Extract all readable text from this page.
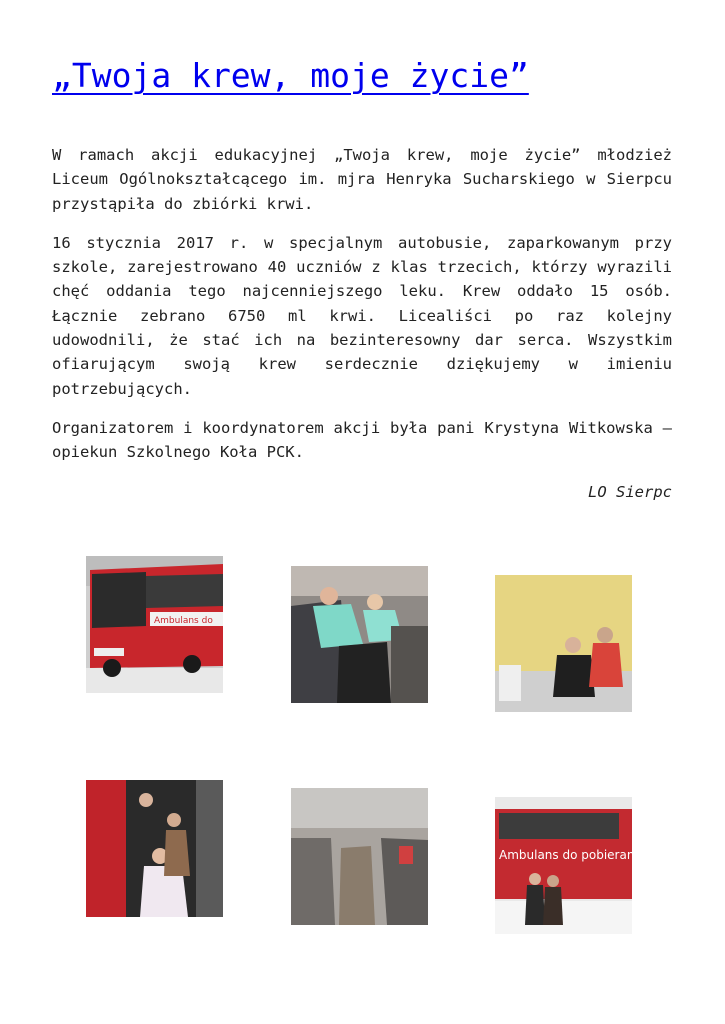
„Twoja krew, moje życie”

W ramach akcji edukacyjnej „Twoja krew, moje życie” młodzież Liceum Ogólnokształcącego im. mjra Henryka Sucharskiego w Sierpcu przystąpiła do zbiórki krwi.

16 stycznia 2017 r. w specjalnym autobusie, zaparkowanym przy szkole, zarejestrowano 40 uczniów z klas trzecich, którzy wyrazili chęć oddania tego najcenniejszego leku. Krew oddało 15 osób. Łącznie zebrano 6750 ml krwi. Licealiści po raz kolejny udowodnili, że stać ich na bezinteresowny dar serca. Wszystkim ofiarującym swoją krew serdecznie dziękujemy w imieniu potrzebujących.

Organizatorem i koordynatorem akcji była pani Krystyna Witkowska – opiekun Szkolnego Koła PCK.

LO Sierpc

Ambulans do
Ambulans do pobierania krwi
